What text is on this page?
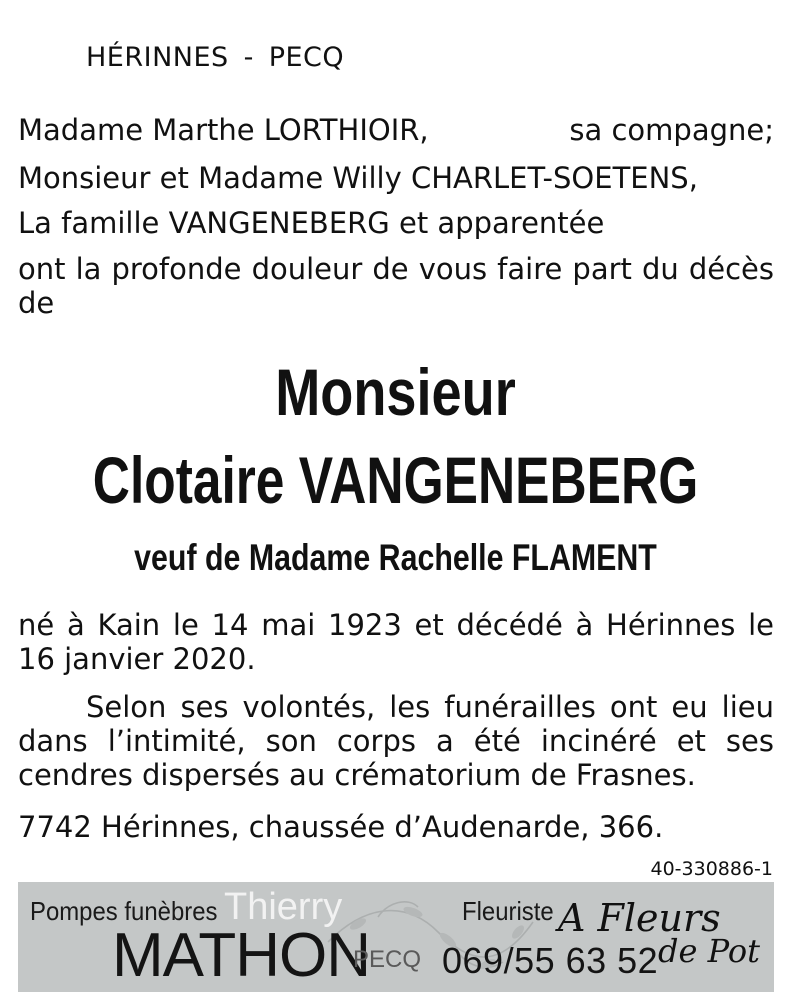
HÉRINNES - PECQ
Madame Marthe LORTHIOIR,	sa compagne;
Monsieur et Madame Willy CHARLET-SOETENS,
La famille VANGENEBERG et apparentée
ont la profonde douleur de vous faire part du décès de
Monsieur
Clotaire VANGENEBERG
veuf de Madame Rachelle FLAMENT
né à Kain le 14 mai 1923 et décédé à Hérinnes le 16 janvier 2020.
Selon ses volontés, les funérailles ont eu lieu dans l’intimité, son corps a été incinéré et ses cendres dispersés au crématorium de Frasnes.
7742 Hérinnes, chaussée d’Audenarde, 366.
40-330886-1
Pompes funèbres Thierry
MATHON
PECQ
Fleuriste
069/55 63 52
A Fleurs
de Pot
